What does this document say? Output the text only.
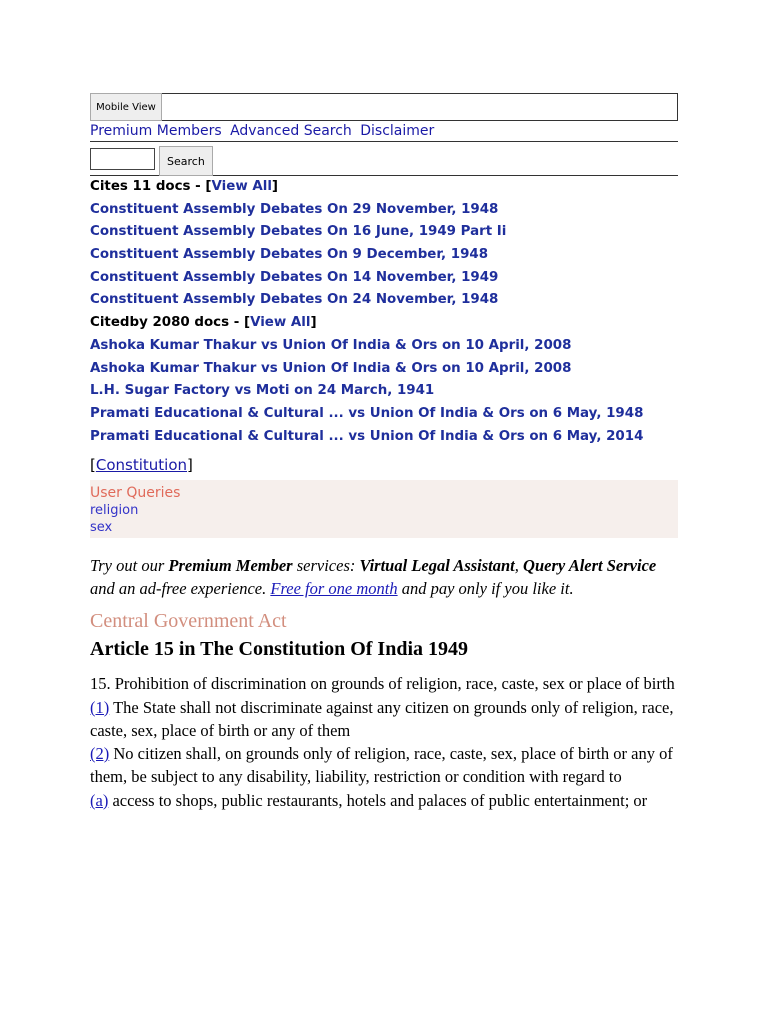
Mobile View
Premium Members Advanced Search Disclaimer
Search
Cites 11 docs - [View All]
Constituent Assembly Debates On 29 November, 1948
Constituent Assembly Debates On 16 June, 1949 Part Ii
Constituent Assembly Debates On 9 December, 1948
Constituent Assembly Debates On 14 November, 1949
Constituent Assembly Debates On 24 November, 1948
Citedby 2080 docs - [View All]
Ashoka Kumar Thakur vs Union Of India & Ors on 10 April, 2008
Ashoka Kumar Thakur vs Union Of India & Ors on 10 April, 2008
L.H. Sugar Factory vs Moti on 24 March, 1941
Pramati Educational & Cultural ... vs Union Of India & Ors on 6 May, 1948
Pramati Educational & Cultural ... vs Union Of India & Ors on 6 May, 2014
[Constitution]
User Queries
religion
sex
Try out our Premium Member services: Virtual Legal Assistant, Query Alert Service and an ad-free experience. Free for one month and pay only if you like it.
Central Government Act
Article 15 in The Constitution Of India 1949
15. Prohibition of discrimination on grounds of religion, race, caste, sex or place of birth
(1) The State shall not discriminate against any citizen on grounds only of religion, race, caste, sex, place of birth or any of them
(2) No citizen shall, on grounds only of religion, race, caste, sex, place of birth or any of them, be subject to any disability, liability, restriction or condition with regard to
(a) access to shops, public restaurants, hotels and palaces of public entertainment; or
